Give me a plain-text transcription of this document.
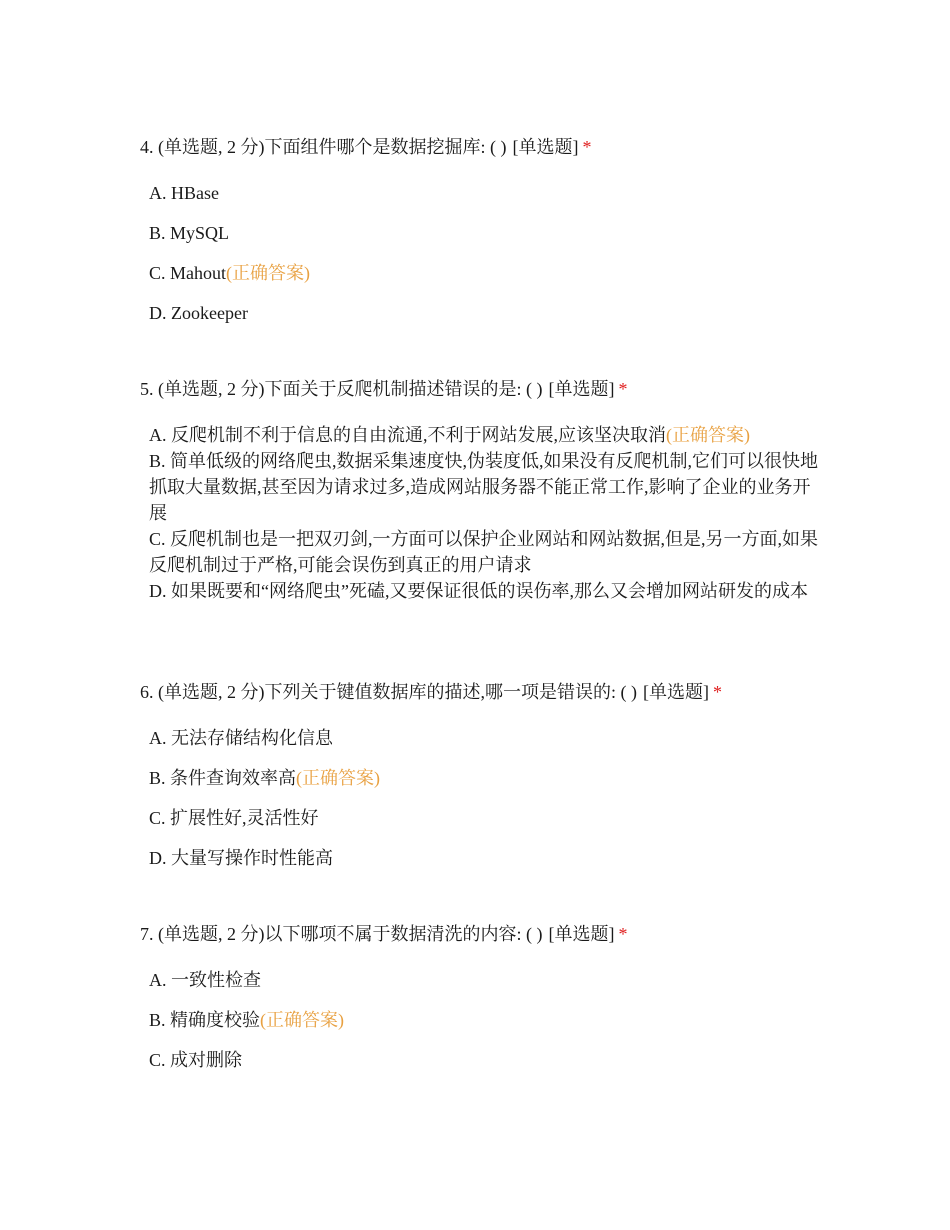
4. (单选题, 2 分)下面组件哪个是数据挖掘库: ( ) [单选题] *

A. HBase
B. MySQL
C. Mahout(正确答案)
D. Zookeeper

5. (单选题, 2 分)下面关于反爬机制描述错误的是: ( ) [单选题] *

A. 反爬机制不利于信息的自由流通,不利于网站发展,应该坚决取消(正确答案)
B. 简单低级的网络爬虫,数据采集速度快,伪装度低,如果没有反爬机制,它们可以很快地抓取大量数据,甚至因为请求过多,造成网站服务器不能正常工作,影响了企业的业务开展
C. 反爬机制也是一把双刃剑,一方面可以保护企业网站和网站数据,但是,另一方面,如果反爬机制过于严格,可能会误伤到真正的用户请求
D. 如果既要和“网络爬虫”死磕,又要保证很低的误伤率,那么又会增加网站研发的成本

6. (单选题, 2 分)下列关于键值数据库的描述,哪一项是错误的: ( ) [单选题] *

A. 无法存储结构化信息
B. 条件查询效率高(正确答案)
C. 扩展性好,灵活性好
D. 大量写操作时性能高

7. (单选题, 2 分)以下哪项不属于数据清洗的内容: ( ) [单选题] *

A. 一致性检查
B. 精确度校验(正确答案)
C. 成对删除
